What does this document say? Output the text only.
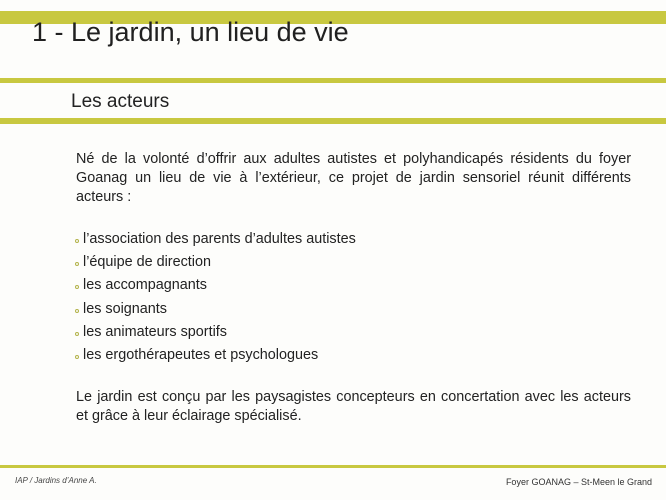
1 - Le jardin, un lieu de vie
Les acteurs

Né de la volonté d’offrir aux adultes autistes et polyhandicapés résidents du foyer Goanag un lieu de vie à l’extérieur, ce projet de jardin sensoriel réunit différents acteurs :

l’association des parents d’adultes autistes
l’équipe de direction
les accompagnants
les soignants
les animateurs sportifs
les ergothérapeutes et psychologues

Le jardin est conçu par les paysagistes concepteurs en concertation avec les acteurs et grâce à leur éclairage spécialisé.

IAP / Jardins d’Anne A.	Foyer GOANAG – St-Meen le Grand
